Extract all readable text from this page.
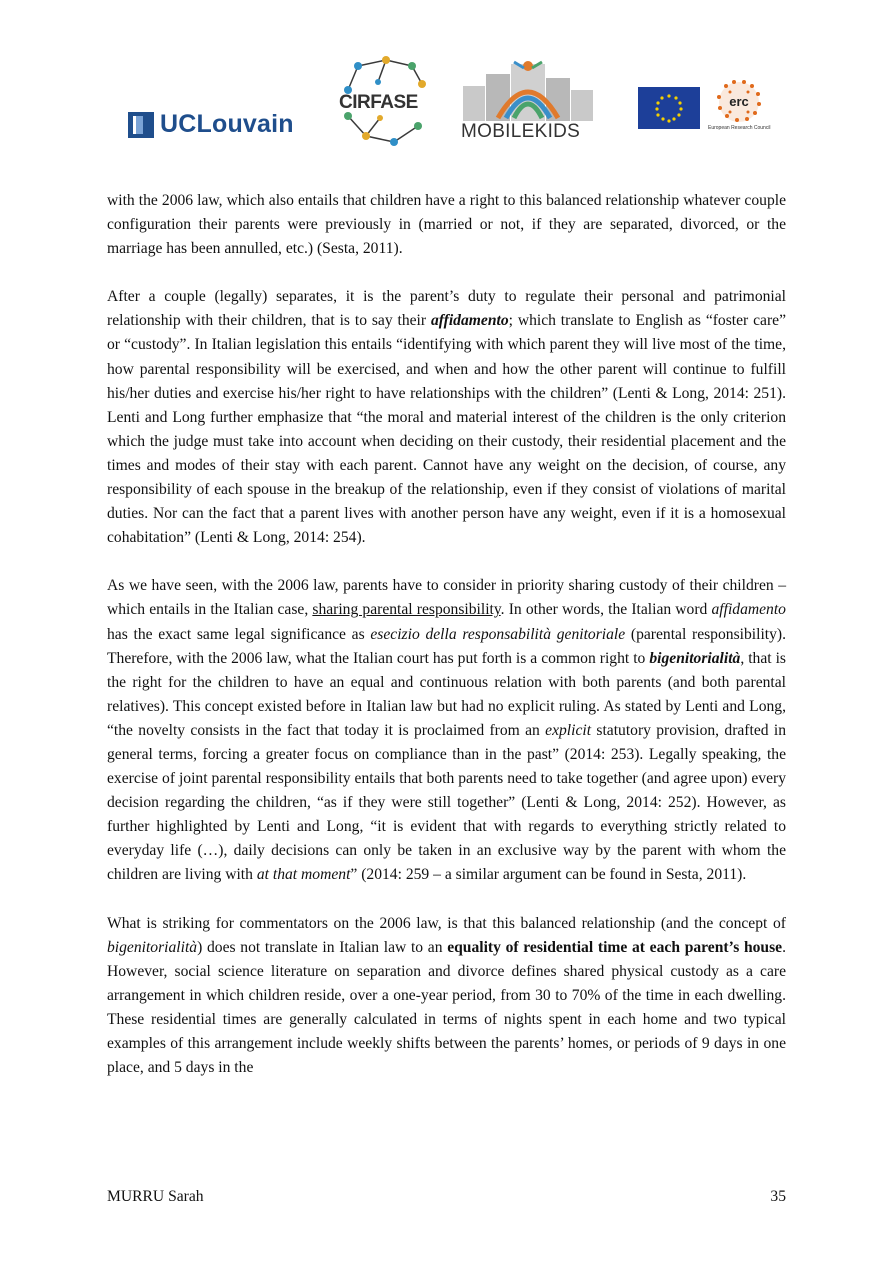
UCLouvain
CIRFASE
MOBILEKIDS
erc
European Research Council

with the 2006 law, which also entails that children have a right to this balanced relationship whatever couple configuration their parents were previously in (married or not, if they are separated, divorced, or the marriage has been annulled, etc.) (Sesta, 2011).

After a couple (legally) separates, it is the parent’s duty to regulate their personal and patrimonial relationship with their children, that is to say their affidamento; which translate to English as “foster care” or “custody”. In Italian legislation this entails “identifying with which parent they will live most of the time, how parental responsibility will be exercised, and when and how the other parent will continue to fulfill his/her duties and exercise his/her right to have relationships with the children” (Lenti & Long, 2014: 251). Lenti and Long further emphasize that “the moral and material interest of the children is the only criterion which the judge must take into account when deciding on their custody, their residential placement and the times and modes of their stay with each parent. Cannot have any weight on the decision, of course, any responsibility of each spouse in the breakup of the relationship, even if they consist of violations of marital duties. Nor can the fact that a parent lives with another person have any weight, even if it is a homosexual cohabitation” (Lenti & Long, 2014: 254).

As we have seen, with the 2006 law, parents have to consider in priority sharing custody of their children – which entails in the Italian case, sharing parental responsibility. In other words, the Italian word affidamento has the exact same legal significance as esecizio della responsabilità genitoriale (parental responsibility). Therefore, with the 2006 law, what the Italian court has put forth is a common right to bigenitorialità, that is the right for the children to have an equal and continuous relation with both parents (and both parental relatives). This concept existed before in Italian law but had no explicit ruling. As stated by Lenti and Long, “the novelty consists in the fact that today it is proclaimed from an explicit statutory provision, drafted in general terms, forcing a greater focus on compliance than in the past” (2014: 253). Legally speaking, the exercise of joint parental responsibility entails that both parents need to take together (and agree upon) every decision regarding the children, “as if they were still together” (Lenti & Long, 2014: 252). However, as further highlighted by Lenti and Long, “it is evident that with regards to everything strictly related to everyday life (…), daily decisions can only be taken in an exclusive way by the parent with whom the children are living with at that moment” (2014: 259 – a similar argument can be found in Sesta, 2011).

What is striking for commentators on the 2006 law, is that this balanced relationship (and the concept of bigenitorialità) does not translate in Italian law to an equality of residential time at each parent’s house. However, social science literature on separation and divorce defines shared physical custody as a care arrangement in which children reside, over a one-year period, from 30 to 70% of the time in each dwelling. These residential times are generally calculated in terms of nights spent in each home and two typical examples of this arrangement include weekly shifts between the parents’ homes, or periods of 9 days in one place, and 5 days in the

MURRU Sarah	35
